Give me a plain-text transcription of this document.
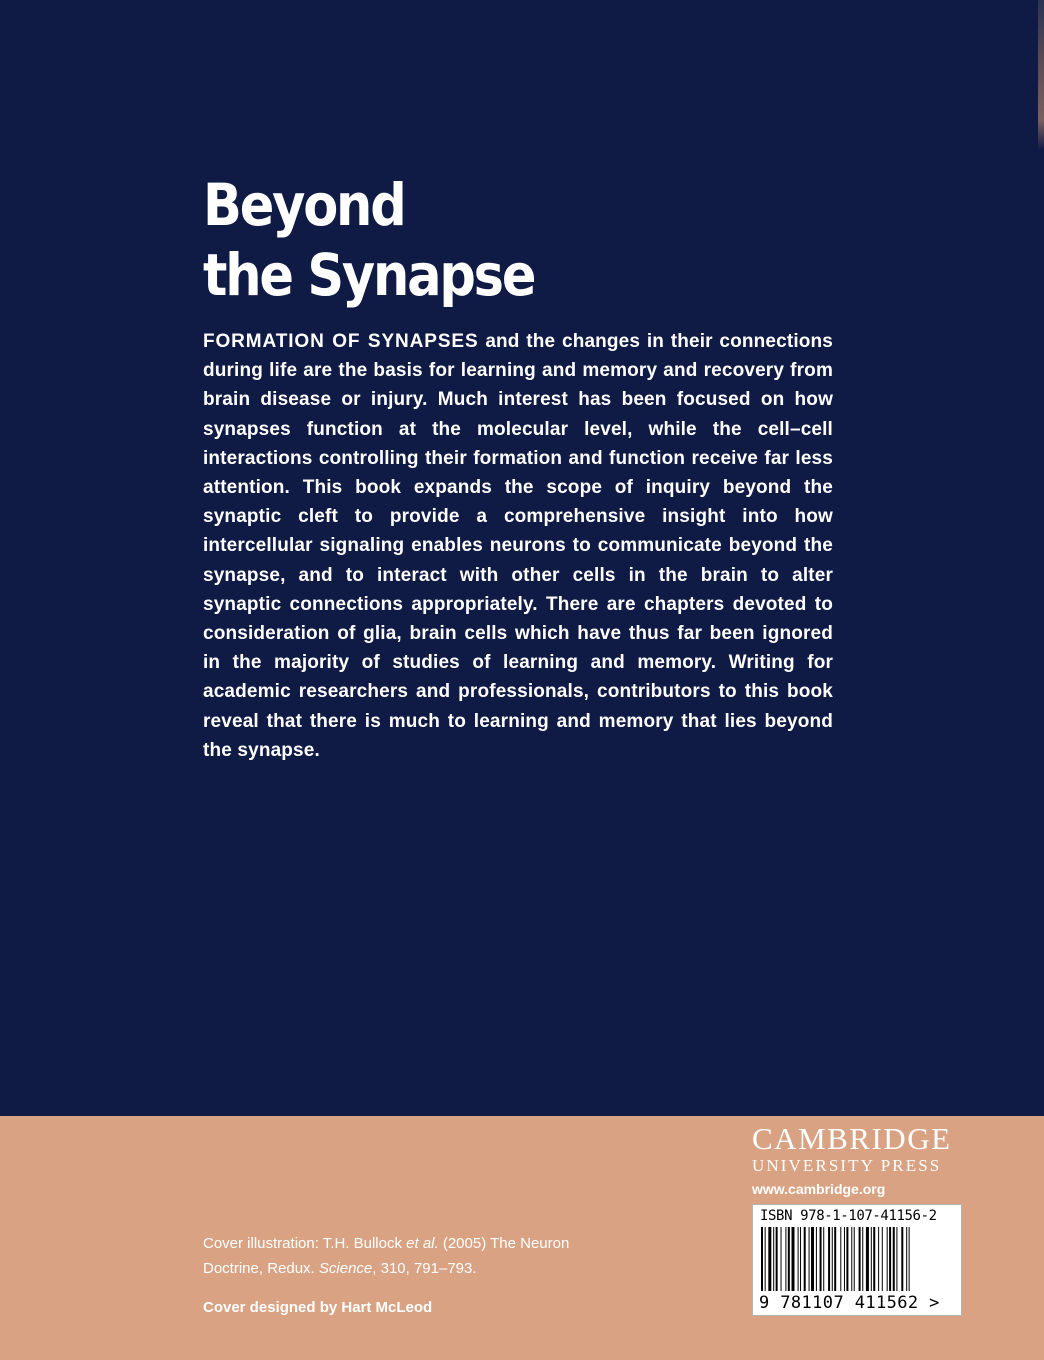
Beyond
the Synapse

FORMATION OF SYNAPSES and the changes in their connections during life are the basis for learning and memory and recovery from brain disease or injury. Much interest has been focused on how synapses function at the molecular level, while the cell–cell interactions controlling their formation and function receive far less attention. This book expands the scope of inquiry beyond the synaptic cleft to provide a comprehensive insight into how intercellular signaling enables neurons to communicate beyond the synapse, and to interact with other cells in the brain to alter synaptic connections appropriately. There are chapters devoted to consideration of glia, brain cells which have thus far been ignored in the majority of studies of learning and memory. Writing for academic researchers and professionals, contributors to this book reveal that there is much to learning and memory that lies beyond the synapse.

Cover illustration: T.H. Bullock et al. (2005) The Neuron Doctrine, Redux. Science, 310, 791–793.

Cover designed by Hart McLeod

CAMBRIDGE
UNIVERSITY PRESS
www.cambridge.org
ISBN 978-1-107-41156-2
9 781107 411562 >
